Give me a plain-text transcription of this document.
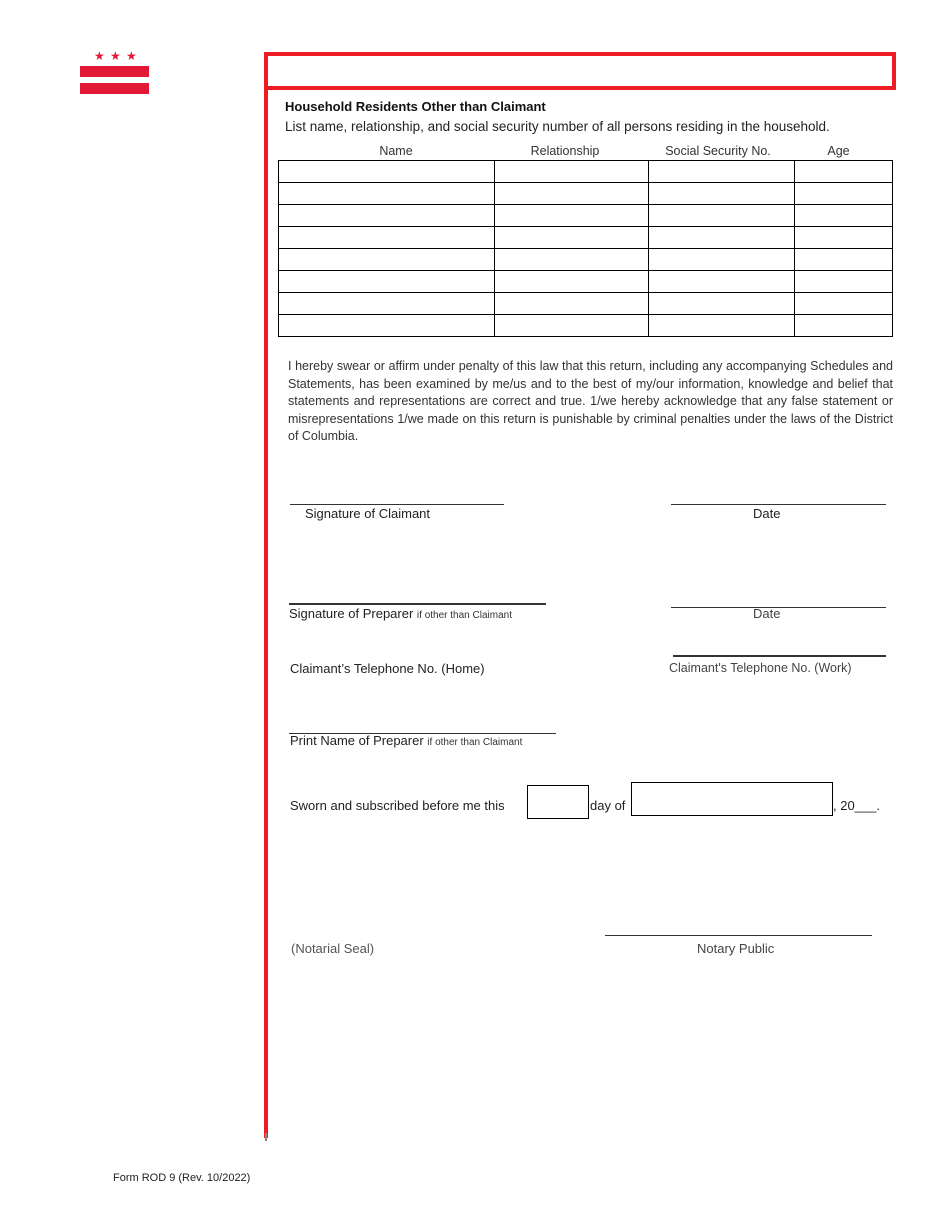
★ ★ ★
Household Residents Other than Claimant
List name, relationship, and social security number of all persons residing in the household.
Name	Relationship	Social Security No.	Age

I hereby swear or affirm under penalty of this law that this return, including any accompanying Schedules and Statements, has been examined by me/us and to the best of my/our information, knowledge and belief that statements and representations are correct and true. 1/we hereby acknowledge that any false statement or misrepresentations 1/we made on this return is punishable by criminal penalties under the laws of the District of Columbia.
Signature of Claimant	Date
Signature of Preparer if other than Claimant	Date
Claimant’s Telephone No. (Home)	Claimant's Telephone No. (Work)
Print Name of Preparer if other than Claimant
Sworn and subscribed before me this	day of	, 20___.
(Notarial Seal)	Notary Public
Form ROD 9 (Rev. 10/2022)
